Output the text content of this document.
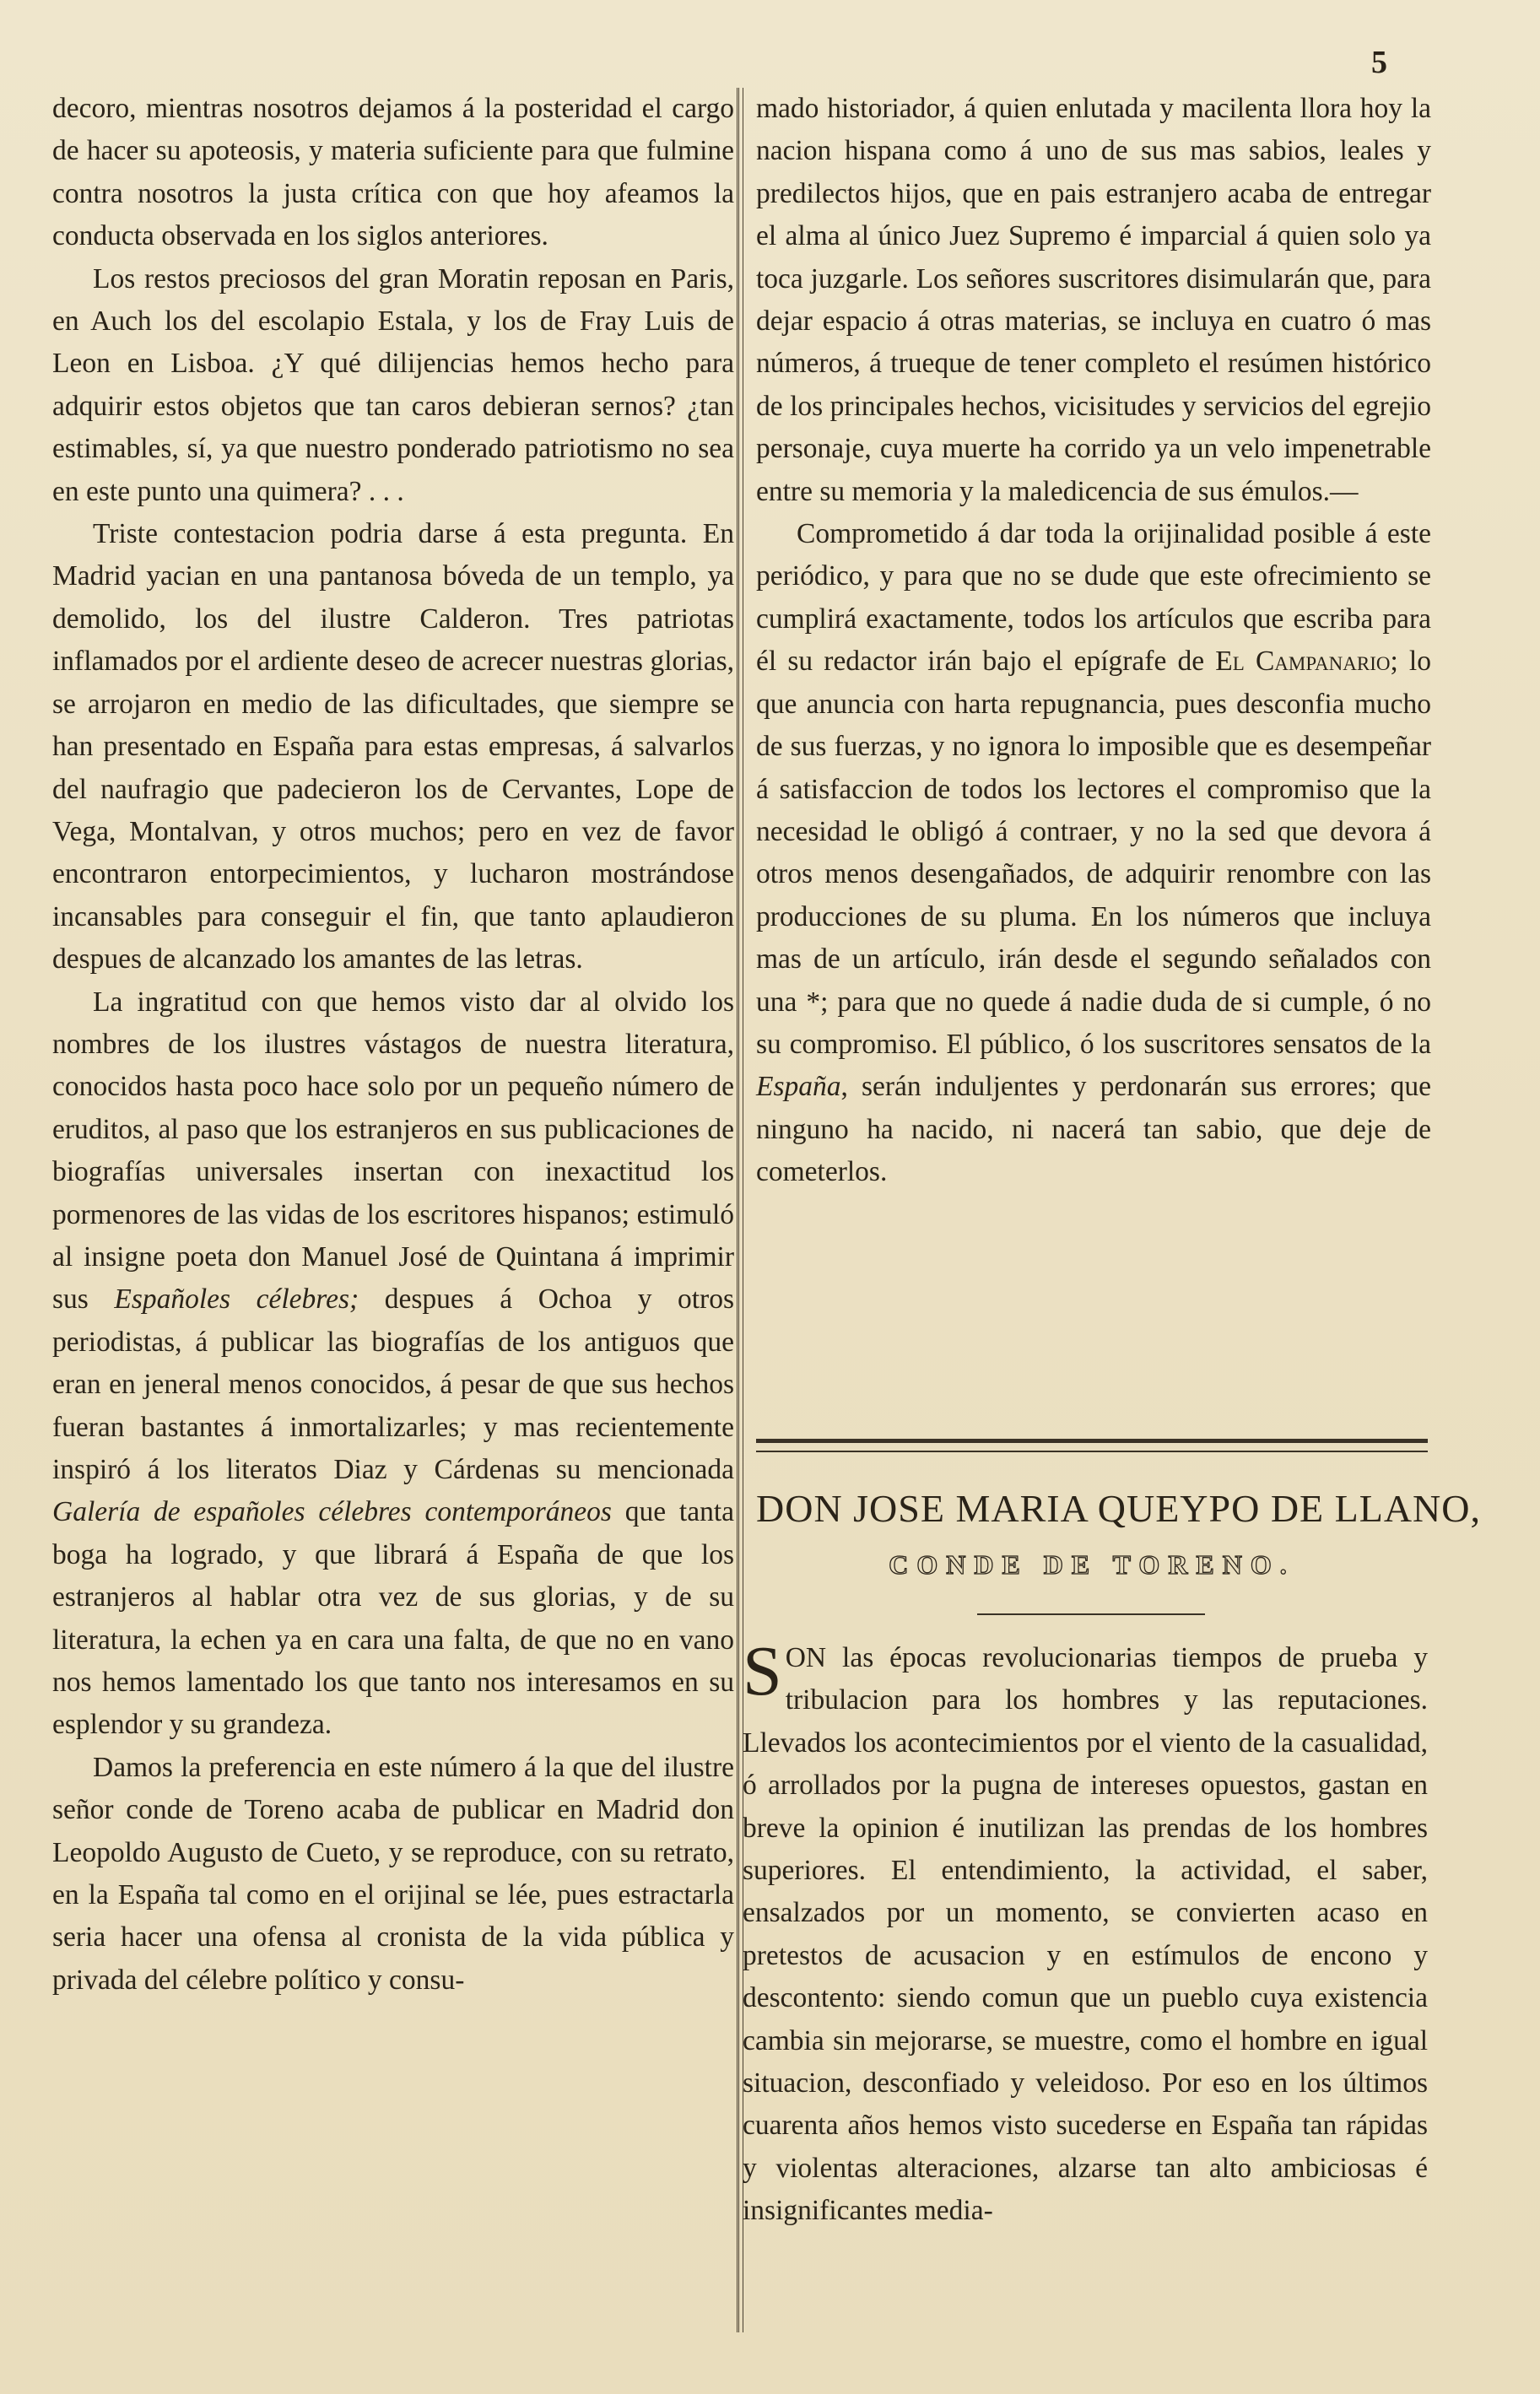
5

decoro, mientras nosotros dejamos á la posteridad el cargo de hacer su apoteosis, y materia suficiente para que fulmine contra nosotros la justa crítica con que hoy afeamos la conducta observada en los siglos anteriores.

Los restos preciosos del gran Moratin reposan en Paris, en Auch los del escolapio Estala, y los de Fray Luis de Leon en Lisboa. ¿Y qué dilijencias hemos hecho para adquirir estos objetos que tan caros debieran sernos? ¿tan estimables, sí, ya que nuestro ponderado patriotismo no sea en este punto una quimera? . . .

Triste contestacion podria darse á esta pregunta. En Madrid yacian en una pantanosa bóveda de un templo, ya demolido, los del ilustre Calderon. Tres patriotas inflamados por el ardiente deseo de acrecer nuestras glorias, se arrojaron en medio de las dificultades, que siempre se han presentado en España para estas empresas, á salvarlos del naufragio que padecieron los de Cervantes, Lope de Vega, Montalvan, y otros muchos; pero en vez de favor encontraron entorpecimientos, y lucharon mostrándose incansables para conseguir el fin, que tanto aplaudieron despues de alcanzado los amantes de las letras.

La ingratitud con que hemos visto dar al olvido los nombres de los ilustres vástagos de nuestra literatura, conocidos hasta poco hace solo por un pequeño número de eruditos, al paso que los estranjeros en sus publicaciones de biografías universales insertan con inexactitud los pormenores de las vidas de los escritores hispanos; estimuló al insigne poeta don Manuel José de Quintana á imprimir sus Españoles célebres; despues á Ochoa y otros periodistas, á publicar las biografías de los antiguos que eran en jeneral menos conocidos, á pesar de que sus hechos fueran bastantes á inmortalizarles; y mas recientemente inspiró á los literatos Diaz y Cárdenas su mencionada Galería de españoles célebres contemporáneos que tanta boga ha logrado, y que librará á España de que los estranjeros al hablar otra vez de sus glorias, y de su literatura, la echen ya en cara una falta, de que no en vano nos hemos lamentado los que tanto nos interesamos en su esplendor y su grandeza.

Damos la preferencia en este número á la que del ilustre señor conde de Toreno acaba de publicar en Madrid don Leopoldo Augusto de Cueto, y se reproduce, con su retrato, en la España tal como en el orijinal se lée, pues estractarla seria hacer una ofensa al cronista de la vida pública y privada del célebre político y consu-

mado historiador, á quien enlutada y macilenta llora hoy la nacion hispana como á uno de sus mas sabios, leales y predilectos hijos, que en pais estranjero acaba de entregar el alma al único Juez Supremo é imparcial á quien solo ya toca juzgarle. Los señores suscritores disimularán que, para dejar espacio á otras materias, se incluya en cuatro ó mas números, á trueque de tener completo el resúmen histórico de los principales hechos, vicisitudes y servicios del egrejio personaje, cuya muerte ha corrido ya un velo impenetrable entre su memoria y la maledicencia de sus émulos.—

Comprometido á dar toda la orijinalidad posible á este periódico, y para que no se dude que este ofrecimiento se cumplirá exactamente, todos los artículos que escriba para él su redactor irán bajo el epígrafe de El Campanario; lo que anuncia con harta repugnancia, pues desconfia mucho de sus fuerzas, y no ignora lo imposible que es desempeñar á satisfaccion de todos los lectores el compromiso que la necesidad le obligó á contraer, y no la sed que devora á otros menos desengañados, de adquirir renombre con las producciones de su pluma. En los números que incluya mas de un artículo, irán desde el segundo señalados con una *; para que no quede á nadie duda de si cumple, ó no su compromiso. El público, ó los suscritores sensatos de la España, serán induljentes y perdonarán sus errores; que ninguno ha nacido, ni nacerá tan sabio, que deje de cometerlos.

DON JOSE MARIA QUEYPO DE LLANO,
CONDE DE TORENO.

SON las épocas revolucionarias tiempos de prueba y tribulacion para los hombres y las reputaciones. Llevados los acontecimientos por el viento de la casualidad, ó arrollados por la pugna de intereses opuestos, gastan en breve la opinion é inutilizan las prendas de los hombres superiores. El entendimiento, la actividad, el saber, ensalzados por un momento, se convierten acaso en pretestos de acusacion y en estímulos de encono y descontento: siendo comun que un pueblo cuya existencia cambia sin mejorarse, se muestre, como el hombre en igual situacion, desconfiado y veleidoso. Por eso en los últimos cuarenta años hemos visto sucederse en España tan rápidas y violentas alteraciones, alzarse tan alto ambiciosas é insignificantes media-
